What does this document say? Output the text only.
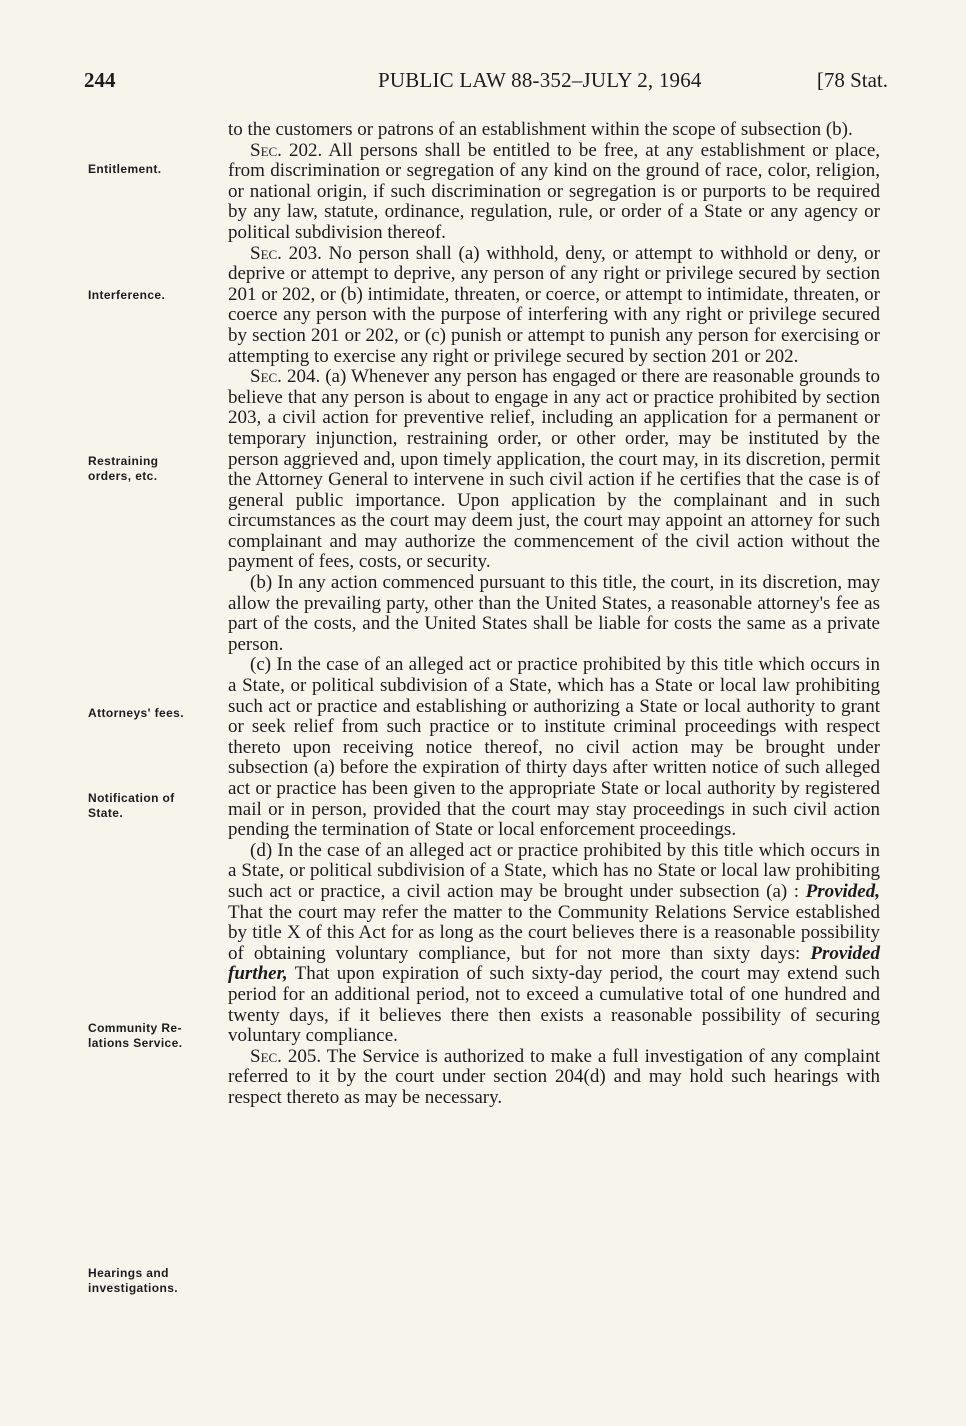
244	PUBLIC LAW 88-352–JULY 2, 1964	[78 Stat.
Entitlement.
Interference.
Restraining
orders, etc.
Attorneys' fees.
Notification of
State.
Community Re-
lations Service.
Hearings and
investigations.

to the customers or patrons of an establishment within the scope of subsection (b).

Sec. 202. All persons shall be entitled to be free, at any establishment or place, from discrimination or segregation of any kind on the ground of race, color, religion, or national origin, if such discrimination or segregation is or purports to be required by any law, statute, ordinance, regulation, rule, or order of a State or any agency or political subdivision thereof.

Sec. 203. No person shall (a) withhold, deny, or attempt to withhold or deny, or deprive or attempt to deprive, any person of any right or privilege secured by section 201 or 202, or (b) intimidate, threaten, or coerce, or attempt to intimidate, threaten, or coerce any person with the purpose of interfering with any right or privilege secured by section 201 or 202, or (c) punish or attempt to punish any person for exercising or attempting to exercise any right or privilege secured by section 201 or 202.

Sec. 204. (a) Whenever any person has engaged or there are reasonable grounds to believe that any person is about to engage in any act or practice prohibited by section 203, a civil action for preventive relief, including an application for a permanent or temporary injunction, restraining order, or other order, may be instituted by the person aggrieved and, upon timely application, the court may, in its discretion, permit the Attorney General to intervene in such civil action if he certifies that the case is of general public importance. Upon application by the complainant and in such circumstances as the court may deem just, the court may appoint an attorney for such complainant and may authorize the commencement of the civil action without the payment of fees, costs, or security.

(b) In any action commenced pursuant to this title, the court, in its discretion, may allow the prevailing party, other than the United States, a reasonable attorney's fee as part of the costs, and the United States shall be liable for costs the same as a private person.

(c) In the case of an alleged act or practice prohibited by this title which occurs in a State, or political subdivision of a State, which has a State or local law prohibiting such act or practice and establishing or authorizing a State or local authority to grant or seek relief from such practice or to institute criminal proceedings with respect thereto upon receiving notice thereof, no civil action may be brought under subsection (a) before the expiration of thirty days after written notice of such alleged act or practice has been given to the appropriate State or local authority by registered mail or in person, provided that the court may stay proceedings in such civil action pending the termination of State or local enforcement proceedings.

(d) In the case of an alleged act or practice prohibited by this title which occurs in a State, or political subdivision of a State, which has no State or local law prohibiting such act or practice, a civil action may be brought under subsection (a) : Provided, That the court may refer the matter to the Community Relations Service established by title X of this Act for as long as the court believes there is a reasonable possibility of obtaining voluntary compliance, but for not more than sixty days: Provided further, That upon expiration of such sixty-day period, the court may extend such period for an additional period, not to exceed a cumulative total of one hundred and twenty days, if it believes there then exists a reasonable possibility of securing voluntary compliance.

Sec. 205. The Service is authorized to make a full investigation of any complaint referred to it by the court under section 204(d) and may hold such hearings with respect thereto as may be necessary.
